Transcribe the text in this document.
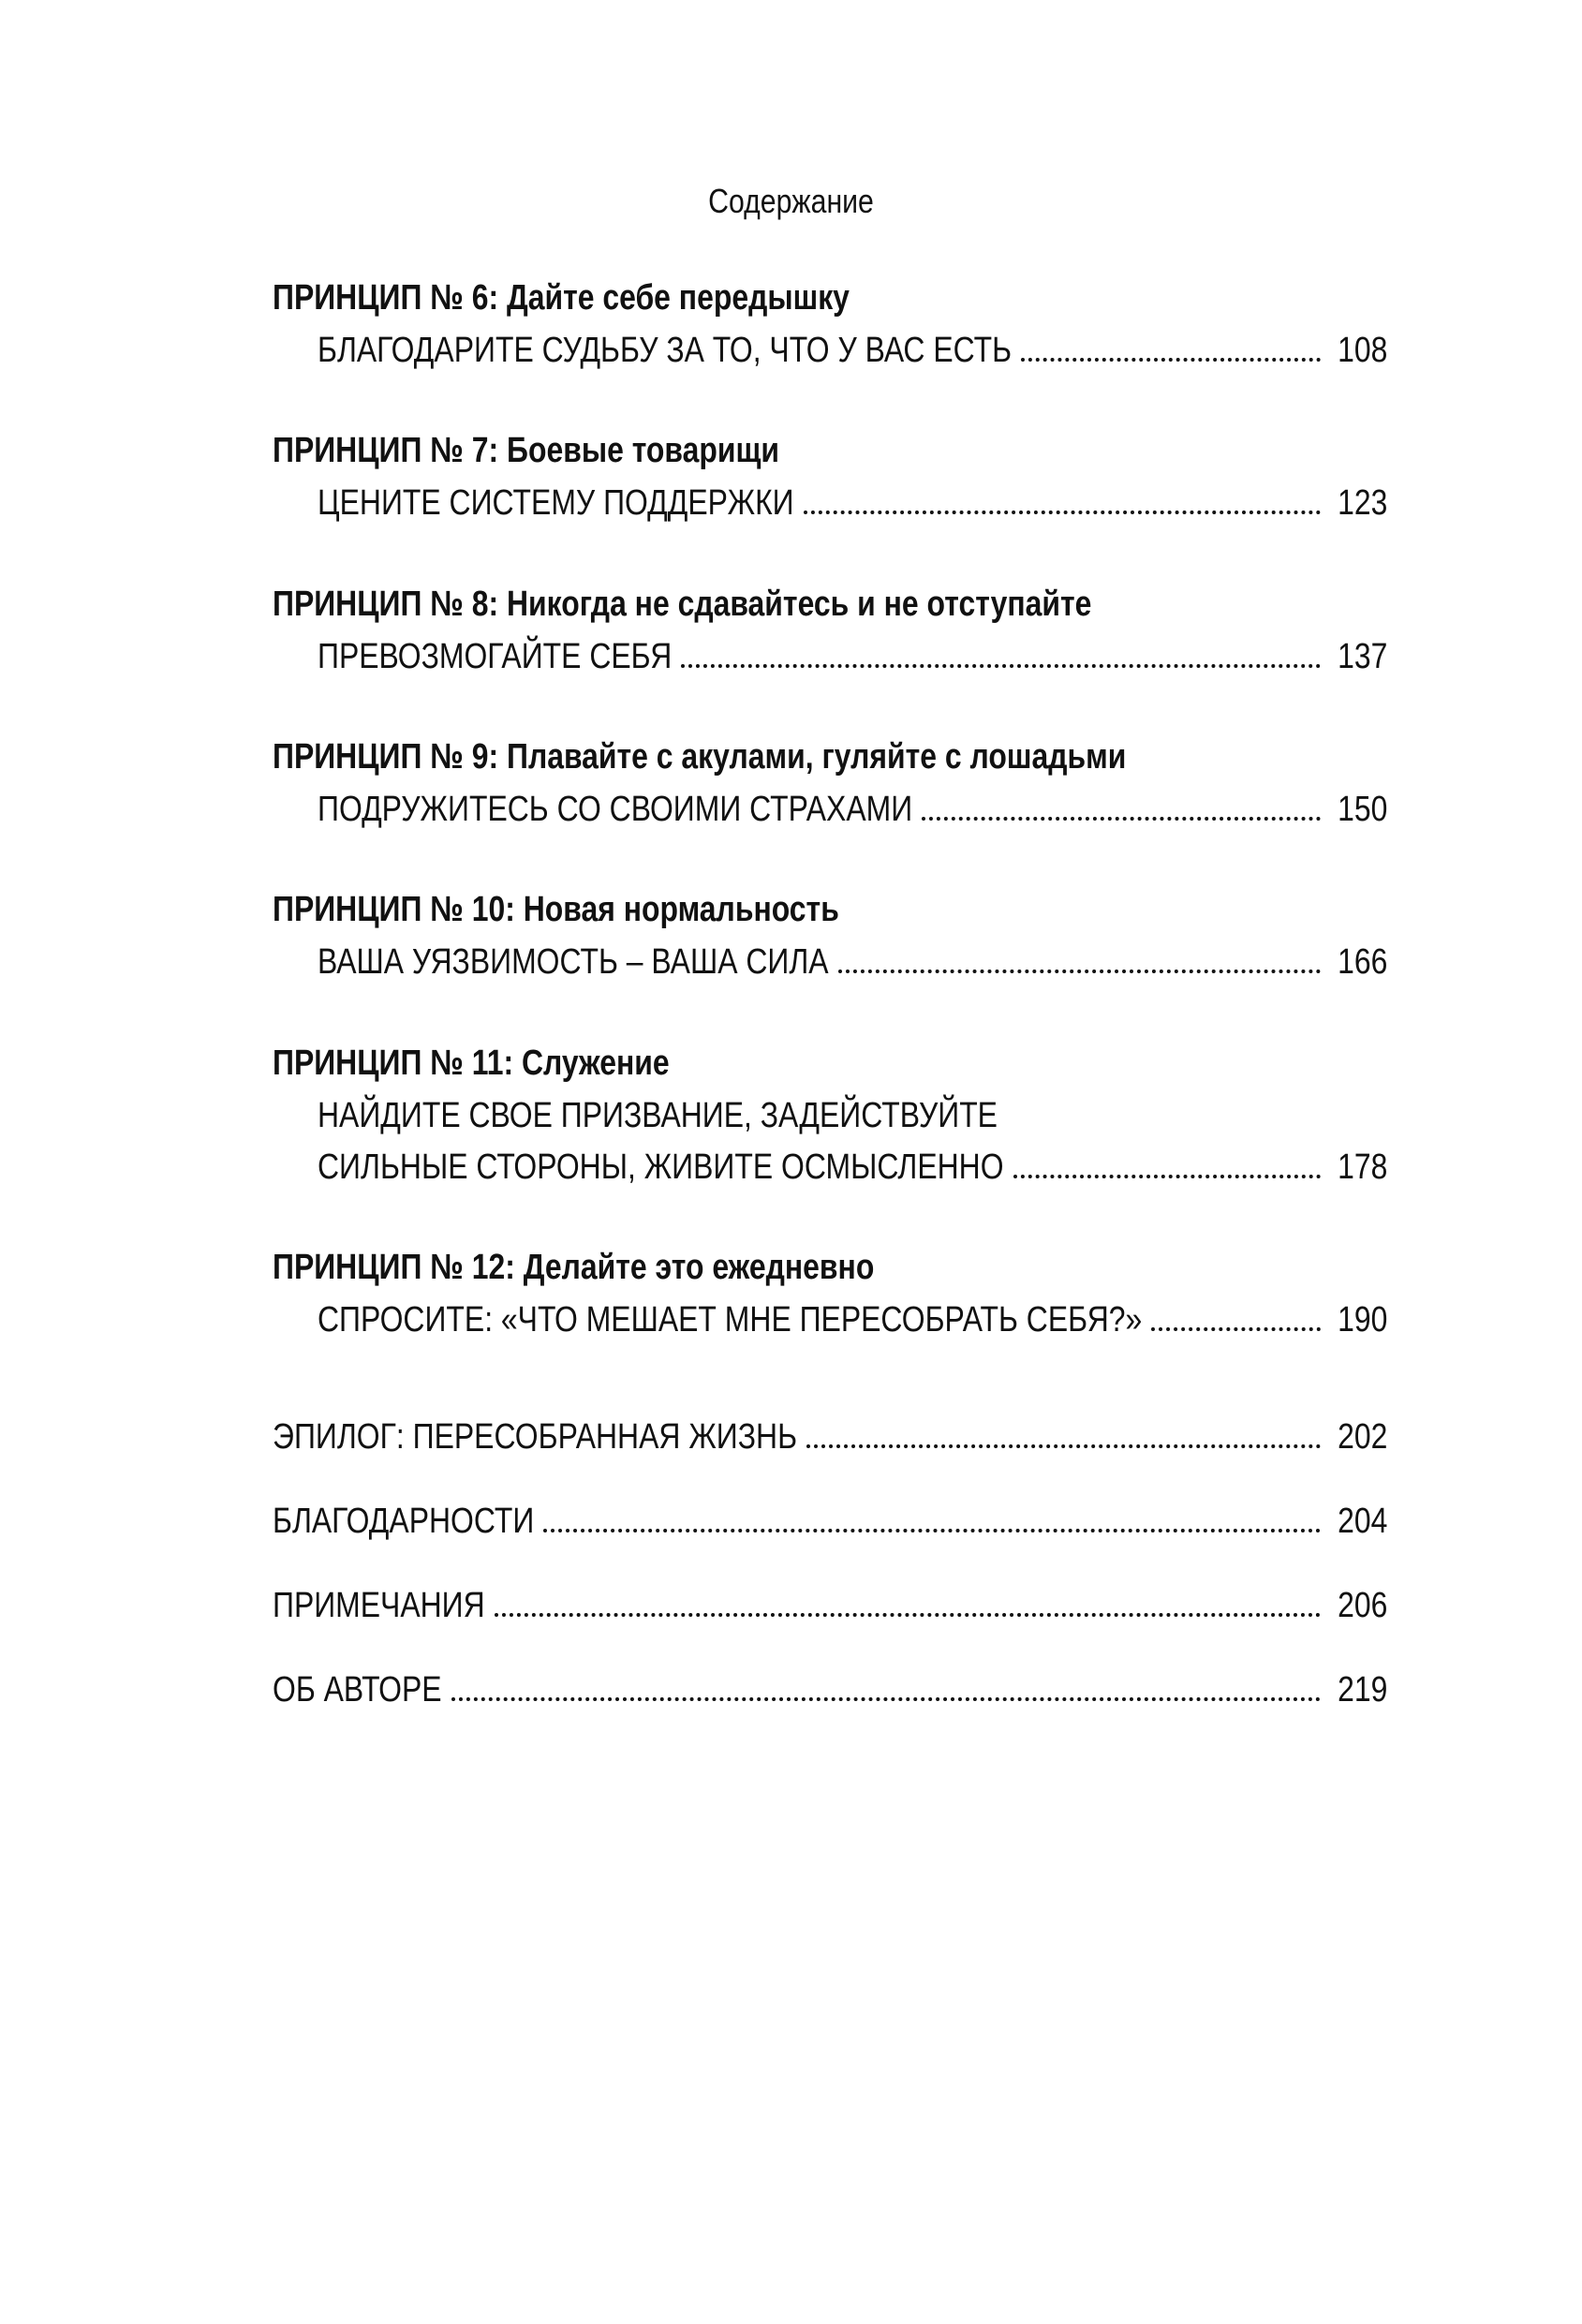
Содержание
ПРИНЦИП № 6: Дайте себе передышку
БЛАГОДАРИТЕ СУДЬБУ ЗА ТО, ЧТО У ВАС ЕСТЬ	108
ПРИНЦИП № 7: Боевые товарищи
ЦЕНИТЕ СИСТЕМУ ПОДДЕРЖКИ	123
ПРИНЦИП № 8: Никогда не сдавайтесь и не отступайте
ПРЕВОЗМОГАЙТЕ СЕБЯ	137
ПРИНЦИП № 9: Плавайте с акулами, гуляйте с лошадьми
ПОДРУЖИТЕСЬ СО СВОИМИ СТРАХАМИ	150
ПРИНЦИП № 10: Новая нормальность
ВАША УЯЗВИМОСТЬ – ВАША СИЛА	166
ПРИНЦИП № 11: Служение
НАЙДИТЕ СВОЕ ПРИЗВАНИЕ, ЗАДЕЙСТВУЙТЕ
СИЛЬНЫЕ СТОРОНЫ, ЖИВИТЕ ОСМЫСЛЕННО	178
ПРИНЦИП № 12: Делайте это ежедневно
СПРОСИТЕ: «ЧТО МЕШАЕТ МНЕ ПЕРЕСОБРАТЬ СЕБЯ?»	190
ЭПИЛОГ: ПЕРЕСОБРАННАЯ ЖИЗНЬ	202
БЛАГОДАРНОСТИ	204
ПРИМЕЧАНИЯ	206
ОБ АВТОРЕ	219
